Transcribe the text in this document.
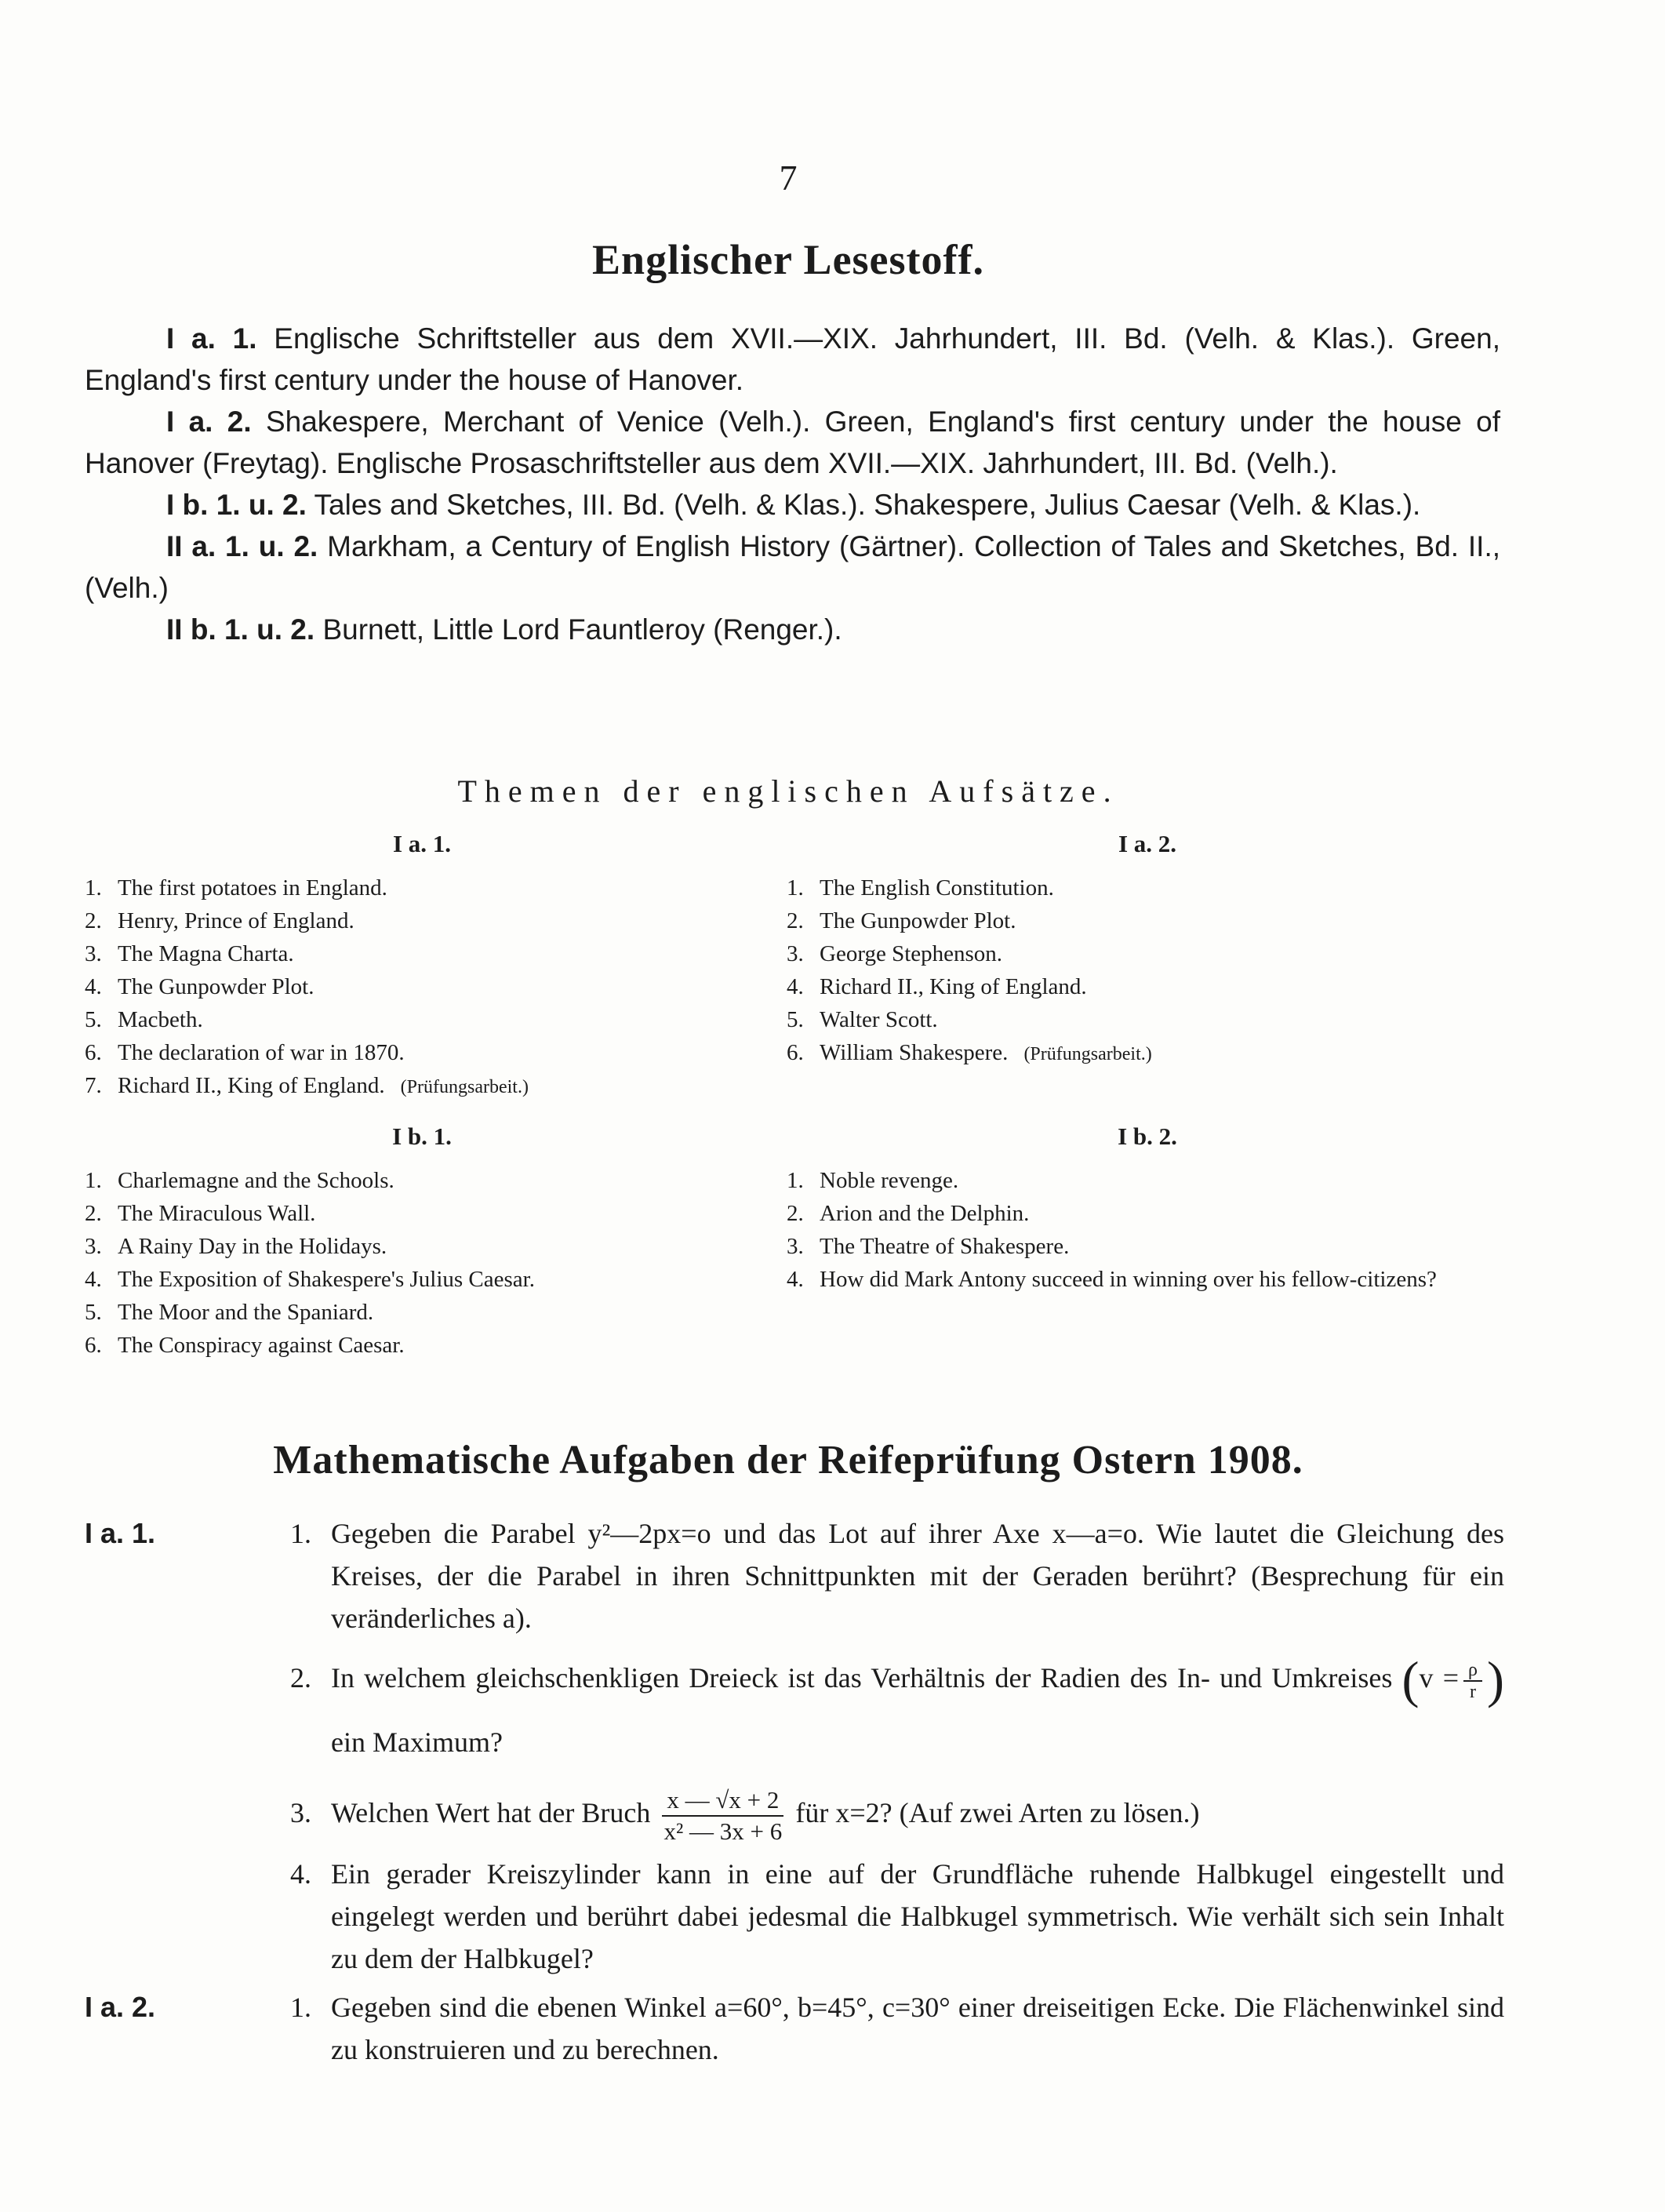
7
Englischer Lesestoff.

I a. 1. Englische Schriftsteller aus dem XVII.—XIX. Jahrhundert, III. Bd. (Velh. & Klas.). Green, England's first century under the house of Hanover.

I a. 2. Shakespere, Merchant of Venice (Velh.). Green, England's first century under the house of Hanover (Freytag). Englische Prosaschriftsteller aus dem XVII.—XIX. Jahrhundert, III. Bd. (Velh.).

I b. 1. u. 2. Tales and Sketches, III. Bd. (Velh. & Klas.). Shakespere, Julius Caesar (Velh. & Klas.).

II a. 1. u. 2. Markham, a Century of English History (Gärtner). Collection of Tales and Sketches, Bd. II., (Velh.)

II b. 1. u. 2. Burnett, Little Lord Fauntleroy (Renger.).

Themen der englischen Aufsätze.
I a. 1.
1. The first potatoes in England.
2. Henry, Prince of England.
3. The Magna Charta.
4. The Gunpowder Plot.
5. Macbeth.
6. The declaration of war in 1870.
7. Richard II., King of England. (Prüfungsarbeit.)
I a. 2.
1. The English Constitution.
2. The Gunpowder Plot.
3. George Stephenson.
4. Richard II., King of England.
5. Walter Scott.
6. William Shakespere. (Prüfungsarbeit.)
I b. 1.
1. Charlemagne and the Schools.
2. The Miraculous Wall.
3. A Rainy Day in the Holidays.
4. The Exposition of Shakespere's Julius Caesar.
5. The Moor and the Spaniard.
6. The Conspiracy against Caesar.
I b. 2.
1. Noble revenge.
2. Arion and the Delphin.
3. The Theatre of Shakespere.
4. How did Mark Antony succeed in winning over his fellow-citizens?
Mathematische Aufgaben der Reifeprüfung Ostern 1908.
I a. 1.	1. Gegeben die Parabel y²—2px=o und das Lot auf ihrer Axe x—a=o. Wie lautet die Gleichung des Kreises, der die Parabel in ihren Schnittpunkten mit der Geraden berührt? (Besprechung für ein veränderliches a).
2. In welchem gleichschenkligen Dreieck ist das Verhältnis der Radien des In- und Umkreises ($v = \frac{\rho}{r}$ ) ein Maximum?
3. Welchen Wert hat der Bruch $\frac{x — √x + 2}{\text{x² — 3x + 6}}$ für x=2? (Auf zwei Arten zu lösen.)
4. Ein gerader Kreiszylinder kann in eine auf der Grundfläche ruhende Halbkugel eingestellt und eingelegt werden und berührt dabei jedesmal die Halbkugel symmetrisch. Wie verhält sich sein Inhalt zu dem der Halbkugel?
I a. 2.	1. Gegeben sind die ebenen Winkel a=60°, b=45°, c=30° einer dreiseitigen Ecke. Die Flächenwinkel sind zu konstruieren und zu berechnen.
